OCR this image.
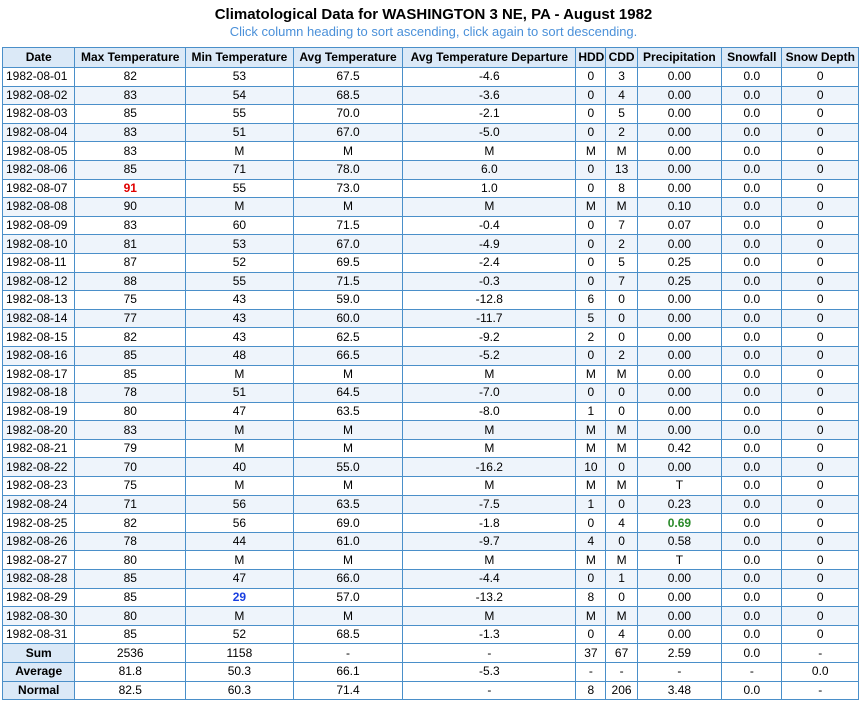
Climatological Data for WASHINGTON 3 NE, PA - August 1982
Click column heading to sort ascending, click again to sort descending.
Date	Max Temperature	Min Temperature	Avg Temperature	Avg Temperature Departure	HDD	CDD	Precipitation	Snowfall	Snow Depth
1982-08-01	82	53	67.5	-4.6	0	3	0.00	0.0	0
1982-08-02	83	54	68.5	-3.6	0	4	0.00	0.0	0
1982-08-03	85	55	70.0	-2.1	0	5	0.00	0.0	0
1982-08-04	83	51	67.0	-5.0	0	2	0.00	0.0	0
1982-08-05	83	M	M	M	M	M	0.00	0.0	0
1982-08-06	85	71	78.0	6.0	0	13	0.00	0.0	0
1982-08-07	91	55	73.0	1.0	0	8	0.00	0.0	0
1982-08-08	90	M	M	M	M	M	0.10	0.0	0
1982-08-09	83	60	71.5	-0.4	0	7	0.07	0.0	0
1982-08-10	81	53	67.0	-4.9	0	2	0.00	0.0	0
1982-08-11	87	52	69.5	-2.4	0	5	0.25	0.0	0
1982-08-12	88	55	71.5	-0.3	0	7	0.25	0.0	0
1982-08-13	75	43	59.0	-12.8	6	0	0.00	0.0	0
1982-08-14	77	43	60.0	-11.7	5	0	0.00	0.0	0
1982-08-15	82	43	62.5	-9.2	2	0	0.00	0.0	0
1982-08-16	85	48	66.5	-5.2	0	2	0.00	0.0	0
1982-08-17	85	M	M	M	M	M	0.00	0.0	0
1982-08-18	78	51	64.5	-7.0	0	0	0.00	0.0	0
1982-08-19	80	47	63.5	-8.0	1	0	0.00	0.0	0
1982-08-20	83	M	M	M	M	M	0.00	0.0	0
1982-08-21	79	M	M	M	M	M	0.42	0.0	0
1982-08-22	70	40	55.0	-16.2	10	0	0.00	0.0	0
1982-08-23	75	M	M	M	M	M	T	0.0	0
1982-08-24	71	56	63.5	-7.5	1	0	0.23	0.0	0
1982-08-25	82	56	69.0	-1.8	0	4	0.69	0.0	0
1982-08-26	78	44	61.0	-9.7	4	0	0.58	0.0	0
1982-08-27	80	M	M	M	M	M	T	0.0	0
1982-08-28	85	47	66.0	-4.4	0	1	0.00	0.0	0
1982-08-29	85	29	57.0	-13.2	8	0	0.00	0.0	0
1982-08-30	80	M	M	M	M	M	0.00	0.0	0
1982-08-31	85	52	68.5	-1.3	0	4	0.00	0.0	0
Sum	2536	1158	-	-	37	67	2.59	0.0	-
Average	81.8	50.3	66.1	-5.3	-	-	-	-	0.0
Normal	82.5	60.3	71.4	-	8	206	3.48	0.0	-
